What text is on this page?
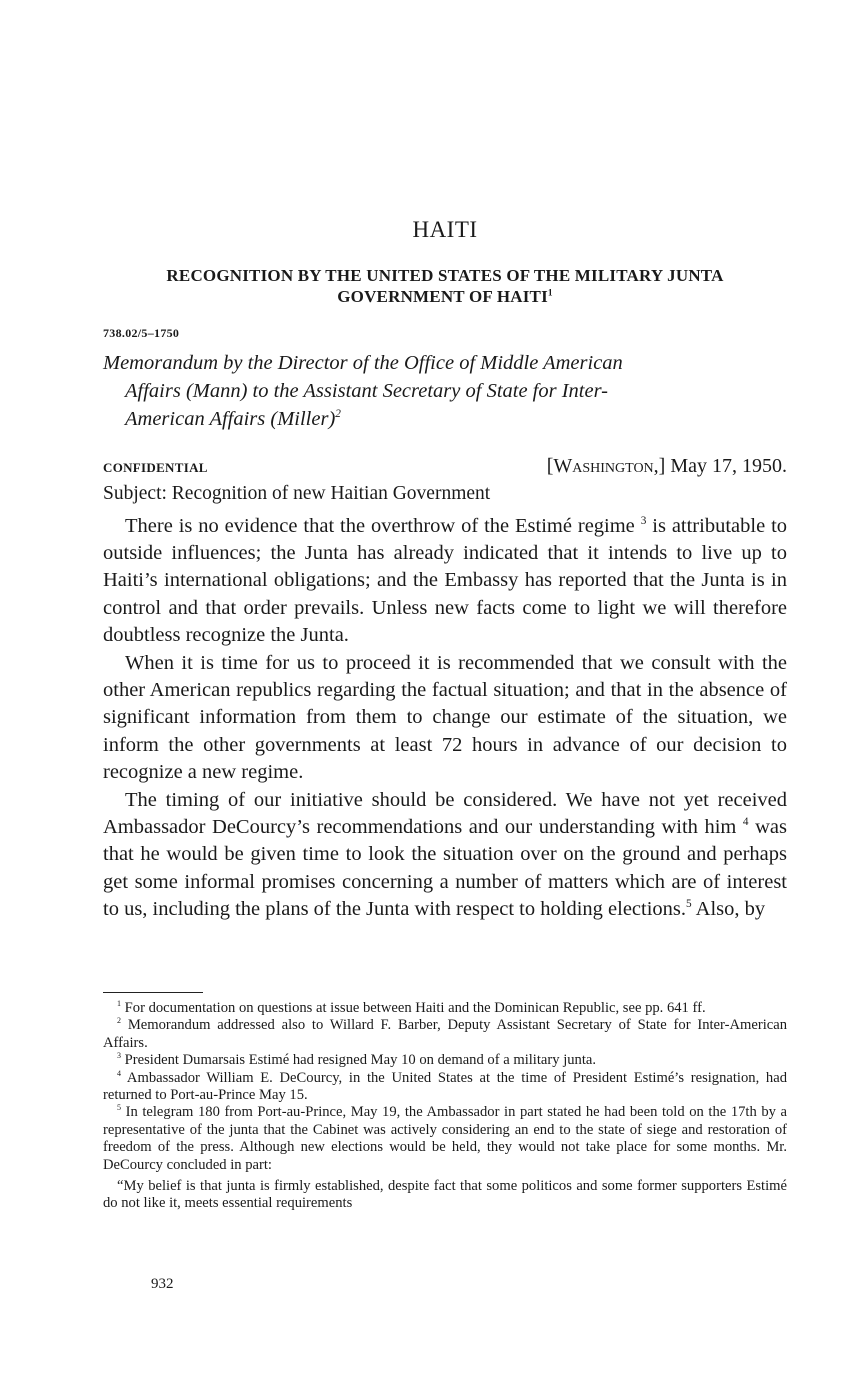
HAITI
RECOGNITION BY THE UNITED STATES OF THE MILITARY JUNTA
GOVERNMENT OF HAITI$^1$
738.02/5–1750
Memorandum by the Director of the Office of Middle American
Affairs (Mann) to the Assistant Secretary of State for Inter-
American Affairs (Miller)$^2$
CONFIDENTIAL	[Washington,] May 17, 1950.
Subject: Recognition of new Haitian Government

There is no evidence that the overthrow of the Estimé regime $^3$ is attributable to outside influences; the Junta has already indicated that it intends to live up to Haiti’s international obligations; and the Embassy has reported that the Junta is in control and that order prevails. Unless new facts come to light we will therefore doubtless recognize the Junta.

When it is time for us to proceed it is recommended that we consult with the other American republics regarding the factual situation; and that in the absence of significant information from them to change our estimate of the situation, we inform the other governments at least 72 hours in advance of our decision to recognize a new regime.

The timing of our initiative should be considered. We have not yet received Ambassador DeCourcy’s recommendations and our understanding with him $^4$ was that he would be given time to look the situation over on the ground and perhaps get some informal promises concerning a number of matters which are of interest to us, including the plans of the Junta with respect to holding elections.$^5$ Also, by

$^1$ For documentation on questions at issue between Haiti and the Dominican Republic, see pp. 641 ff.

$^2$ Memorandum addressed also to Willard F. Barber, Deputy Assistant Secretary of State for Inter-American Affairs.

$^3$ President Dumarsais Estimé had resigned May 10 on demand of a military junta.

$^4$ Ambassador William E. DeCourcy, in the United States at the time of President Estimé’s resignation, had returned to Port-au-Prince May 15.

$^5$ In telegram 180 from Port-au-Prince, May 19, the Ambassador in part stated he had been told on the 17th by a representative of the junta that the Cabinet was actively considering an end to the state of siege and restoration of freedom of the press. Although new elections would be held, they would not take place for some months. Mr. DeCourcy concluded in part:

“My belief is that junta is firmly established, despite fact that some politicos and some former supporters Estimé do not like it, meets essential requirements

932
